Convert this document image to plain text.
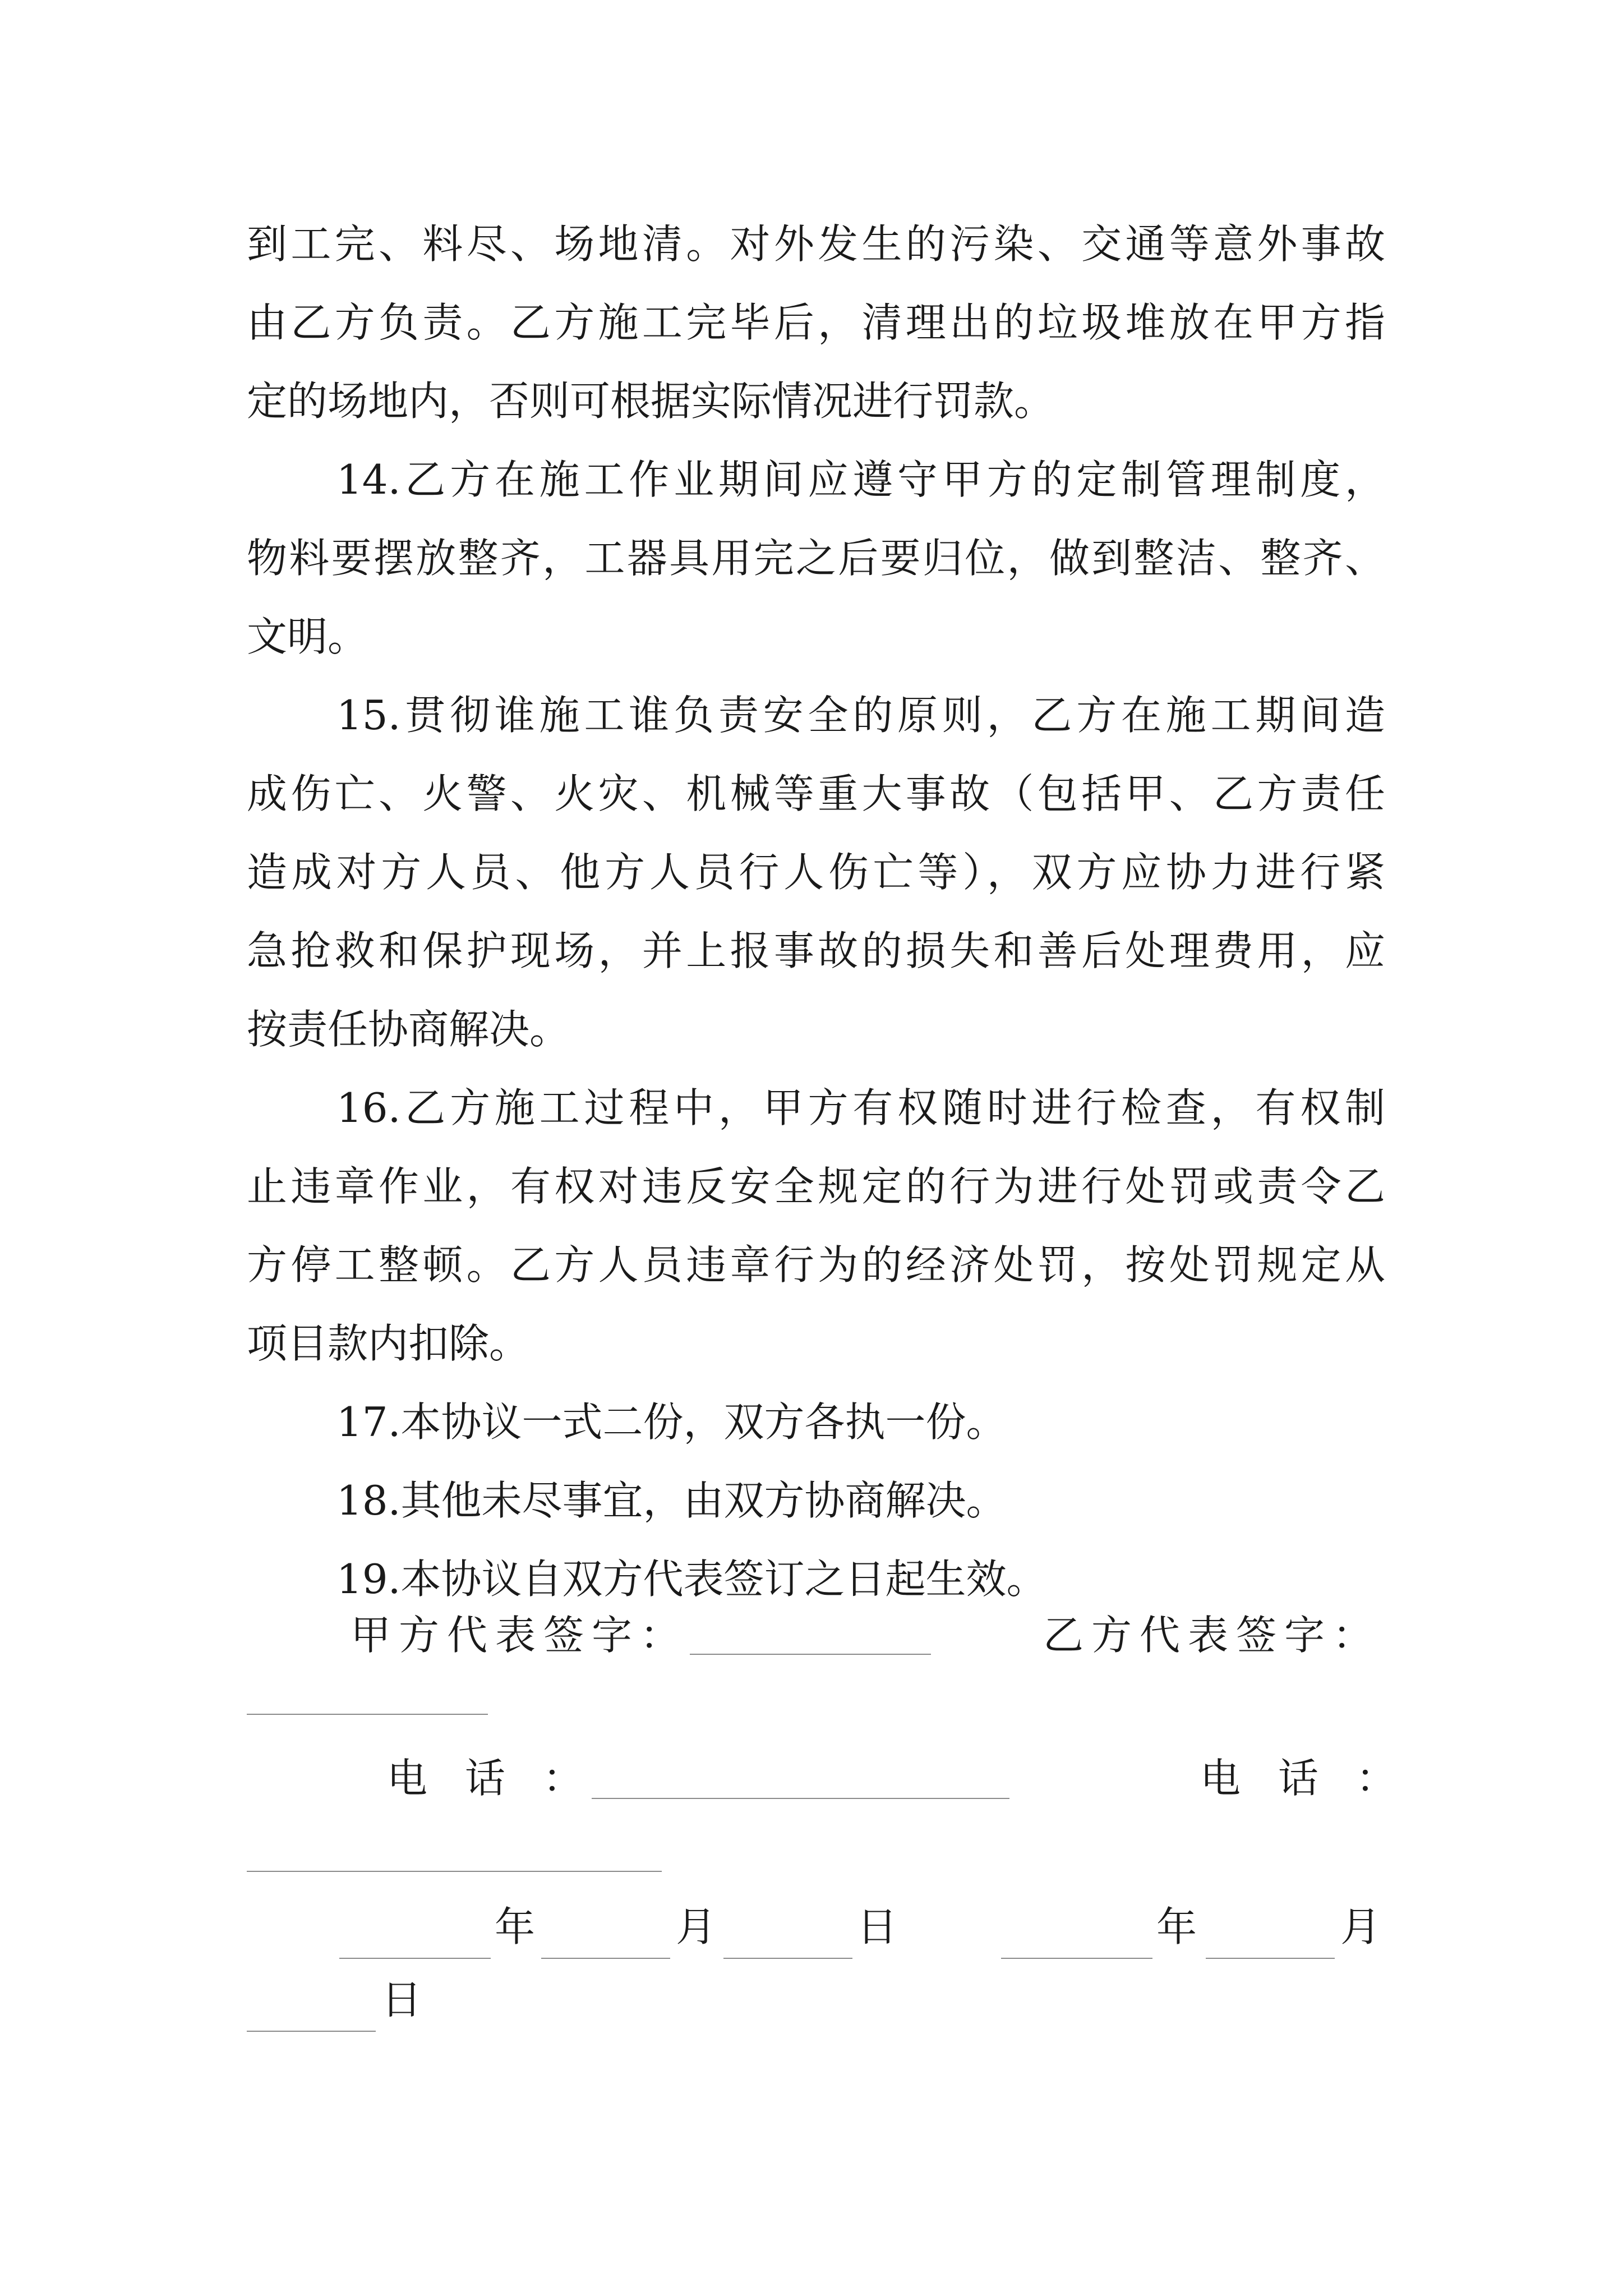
到工完、料尽、场地清。对外发生的污染、交通等意外事故
由乙方负责。乙方施工完毕后，清理出的垃圾堆放在甲方指
定的场地内，否则可根据实际情况进行罚款。
14.乙方在施工作业期间应遵守甲方的定制管理制度，
物料要摆放整齐，工器具用完之后要归位，做到整洁、整齐、
文明。
15.贯彻谁施工谁负责安全的原则，乙方在施工期间造
成伤亡、火警、火灾、机械等重大事故（包括甲、乙方责任
造成对方人员、他方人员行人伤亡等），双方应协力进行紧
急抢救和保护现场，并上报事故的损失和善后处理费用，应
按责任协商解决。
16.乙方施工过程中，甲方有权随时进行检查，有权制
止违章作业，有权对违反安全规定的行为进行处罚或责令乙
方停工整顿。乙方人员违章行为的经济处罚，按处罚规定从
项目款内扣除。
17.本协议一式二份，双方各执一份。
18.其他未尽事宜，由双方协商解决。
19.本协议自双方代表签订之日起生效。
甲方代表签字：	乙方代表签字：
电 话 ：	电 话 ：
年	月	日	年	月
日
